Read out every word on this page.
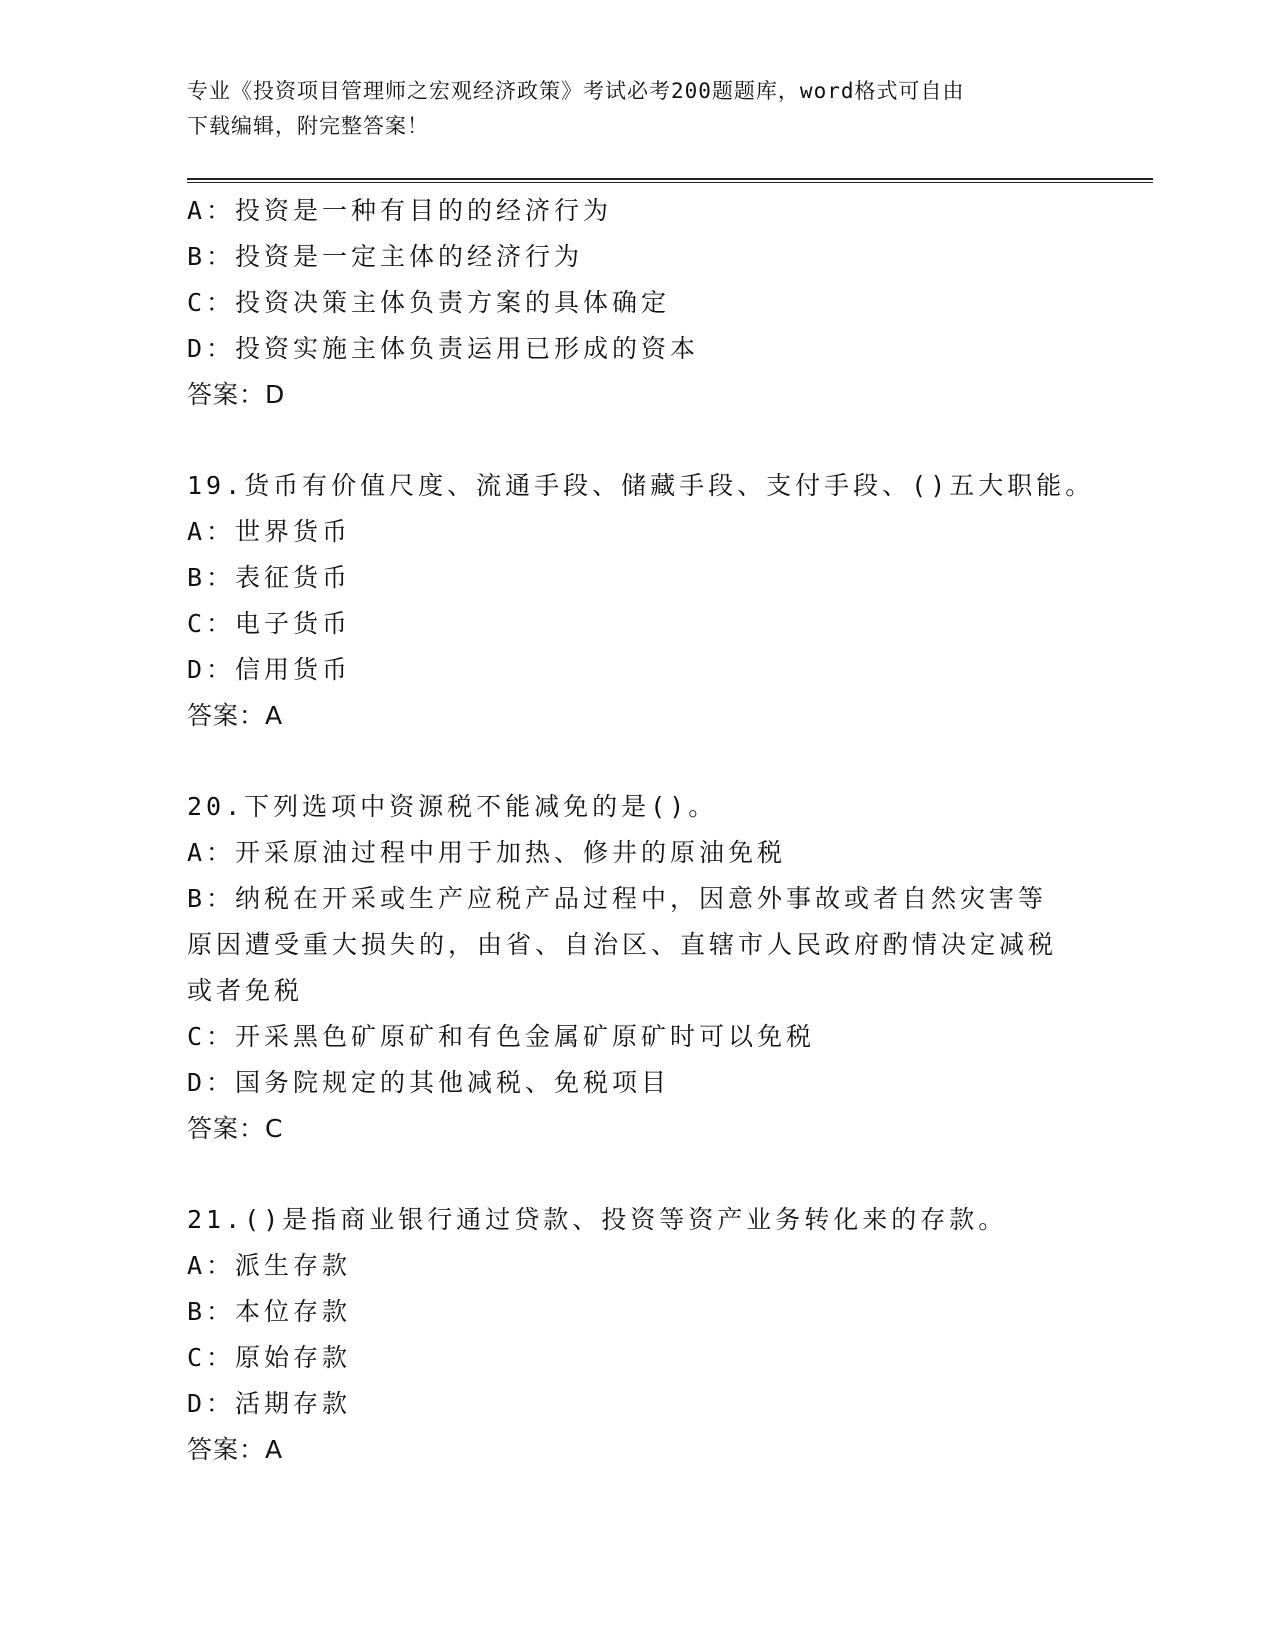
专业《投资项目管理师之宏观经济政策》考试必考200题题库，word格式可自由
下载编辑，附完整答案！
A：投资是一种有目的的经济行为
B：投资是一定主体的经济行为
C：投资决策主体负责方案的具体确定
D：投资实施主体负责运用已形成的资本
答案：D
19.货币有价值尺度、流通手段、储藏手段、支付手段、()五大职能。
A：世界货币
B：表征货币
C：电子货币
D：信用货币
答案：A
20.下列选项中资源税不能减免的是()。
A：开采原油过程中用于加热、修井的原油免税
B：纳税在开采或生产应税产品过程中，因意外事故或者自然灾害等原因遭受重大损失的，由省、自治区、直辖市人民政府酌情决定减税或者免税
C：开采黑色矿原矿和有色金属矿原矿时可以免税
D：国务院规定的其他减税、免税项目
答案：C
21.()是指商业银行通过贷款、投资等资产业务转化来的存款。
A：派生存款
B：本位存款
C：原始存款
D：活期存款
答案：A
